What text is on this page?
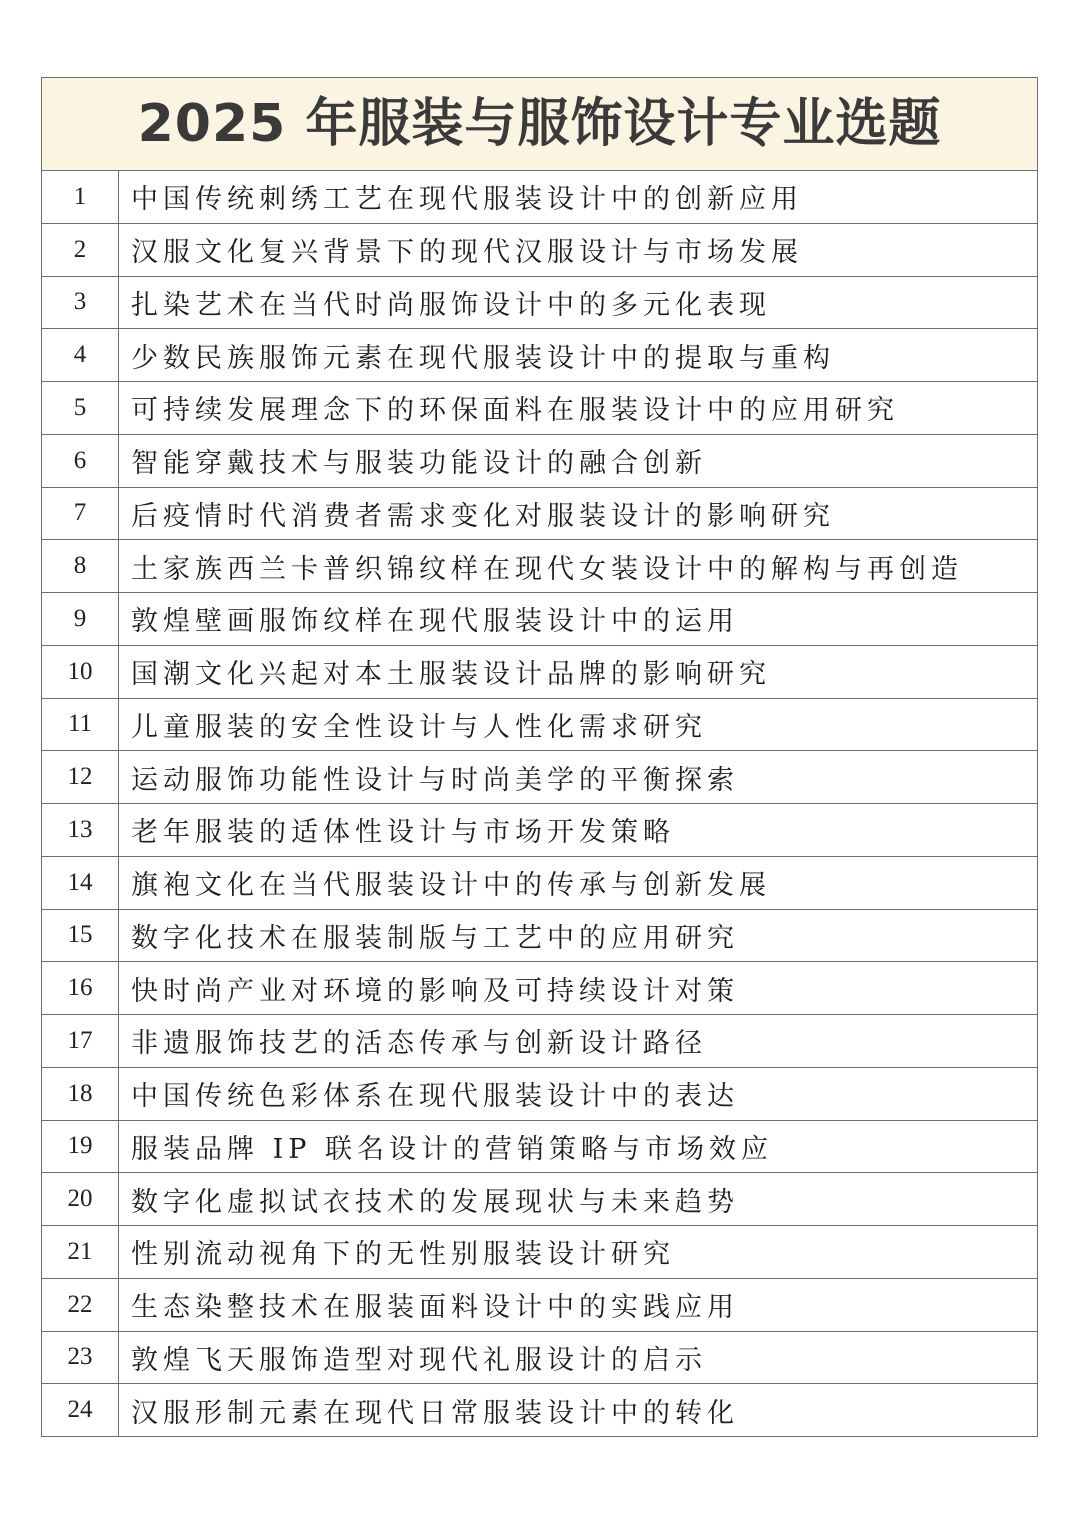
2025 年服装与服饰设计专业选题
1	中国传统刺绣工艺在现代服装设计中的创新应用
2	汉服文化复兴背景下的现代汉服设计与市场发展
3	扎染艺术在当代时尚服饰设计中的多元化表现
4	少数民族服饰元素在现代服装设计中的提取与重构
5	可持续发展理念下的环保面料在服装设计中的应用研究
6	智能穿戴技术与服装功能设计的融合创新
7	后疫情时代消费者需求变化对服装设计的影响研究
8	土家族西兰卡普织锦纹样在现代女装设计中的解构与再创造
9	敦煌壁画服饰纹样在现代服装设计中的运用
10	国潮文化兴起对本土服装设计品牌的影响研究
11	儿童服装的安全性设计与人性化需求研究
12	运动服饰功能性设计与时尚美学的平衡探索
13	老年服装的适体性设计与市场开发策略
14	旗袍文化在当代服装设计中的传承与创新发展
15	数字化技术在服装制版与工艺中的应用研究
16	快时尚产业对环境的影响及可持续设计对策
17	非遗服饰技艺的活态传承与创新设计路径
18	中国传统色彩体系在现代服装设计中的表达
19	服装品牌 IP 联名设计的营销策略与市场效应
20	数字化虚拟试衣技术的发展现状与未来趋势
21	性别流动视角下的无性别服装设计研究
22	生态染整技术在服装面料设计中的实践应用
23	敦煌飞天服饰造型对现代礼服设计的启示
24	汉服形制元素在现代日常服装设计中的转化
